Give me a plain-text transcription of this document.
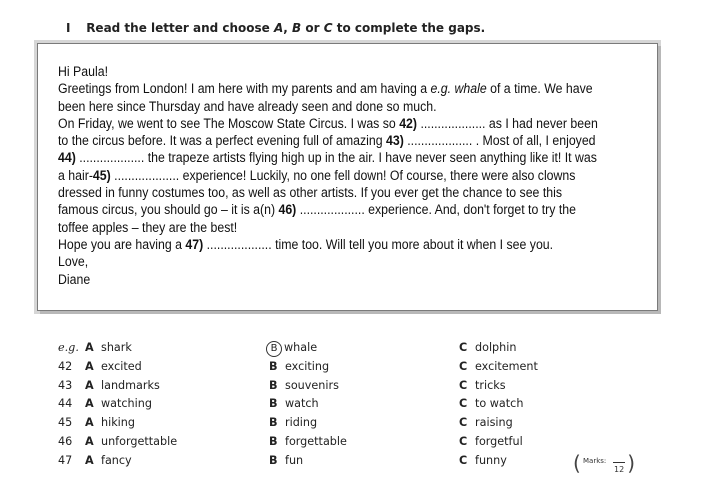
I Read the letter and choose A, B or C to complete the gaps.

Hi Paula!

Greetings from London! I am here with my parents and am having a e.g. whale of a time. We have been here since Thursday and have already seen and done so much.

On Friday, we went to see The Moscow State Circus. I was so 42) ................... as I had never been to the circus before. It was a perfect evening full of amazing 43) ................... . Most of all, I enjoyed 44) ................... the trapeze artists flying high up in the air. I have never seen anything like it! It was a hair-45) ................... experience! Luckily, no one fell down! Of course, there were also clowns dressed in funny costumes too, as well as other artists. If you ever get the chance to see this famous circus, you should go – it is a(n) 46) ................... experience. And, don't forget to try the toffee apples – they are the best!

Hope you are having a 47) ................... time too. Will tell you more about it when I see you.

Love,

Diane

e.g. A shark	B whale	C dolphin
42	A excited	B exciting	C excitement
43	A landmarks	B souvenirs	C tricks
44	A watching	B watch	C to watch
45	A hiking	B riding	C raising
46	A unforgettable	B forgettable	C forgetful
47	A fancy	B fun	C funny	( Marks:
12 )
